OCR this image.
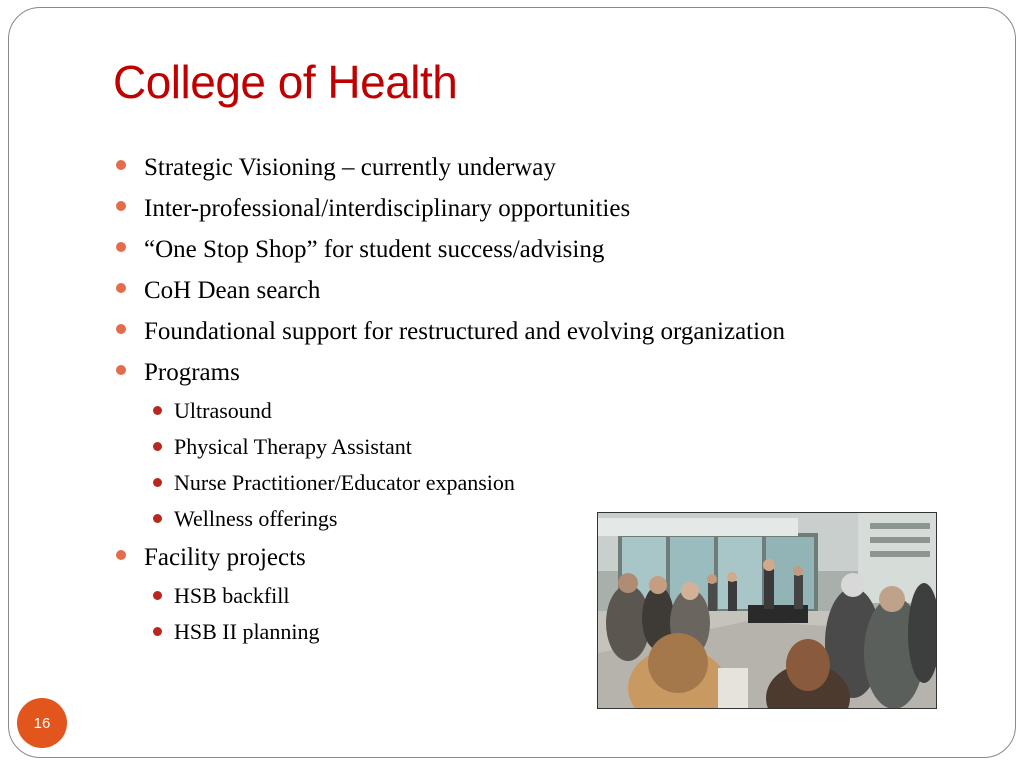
College of Health
Strategic Visioning – currently underway
Inter-professional/interdisciplinary opportunities
“One Stop Shop” for student success/advising
CoH Dean search
Foundational support for restructured and evolving organization
Programs
Ultrasound
Physical Therapy Assistant
Nurse Practitioner/Educator expansion
Wellness offerings
Facility projects
HSB backfill
HSB II planning
16
